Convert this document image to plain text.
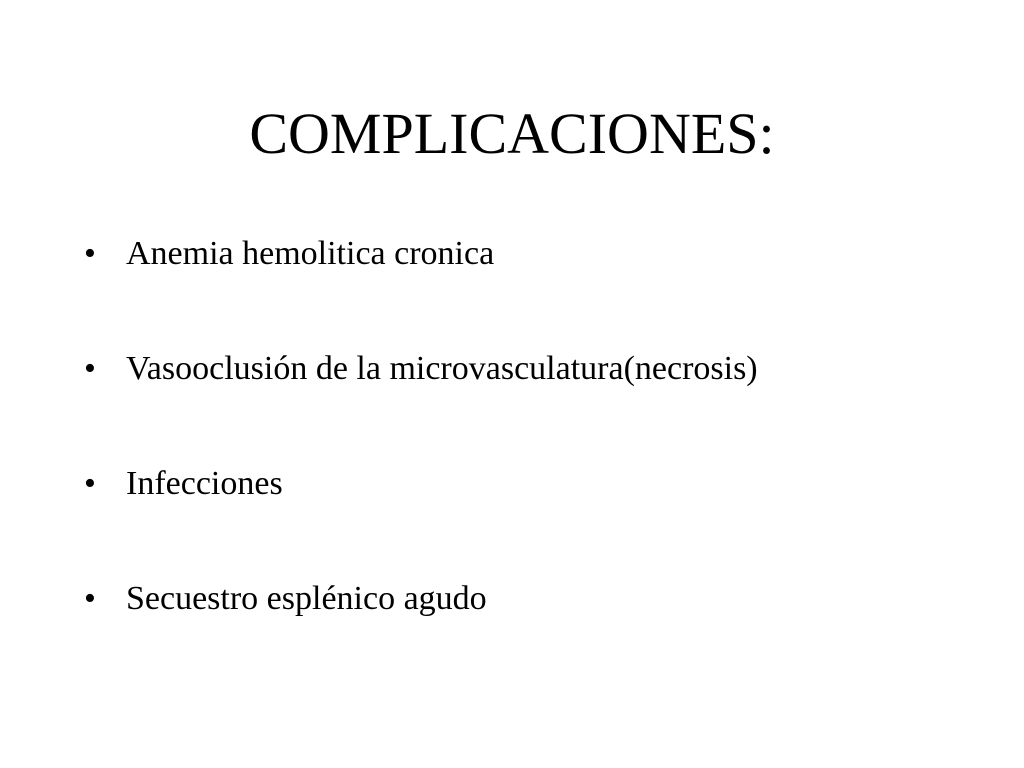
COMPLICACIONES:
• Anemia hemolitica cronica
• Vasooclusión de la microvasculatura(necrosis)
• Infecciones
• Secuestro esplénico agudo
